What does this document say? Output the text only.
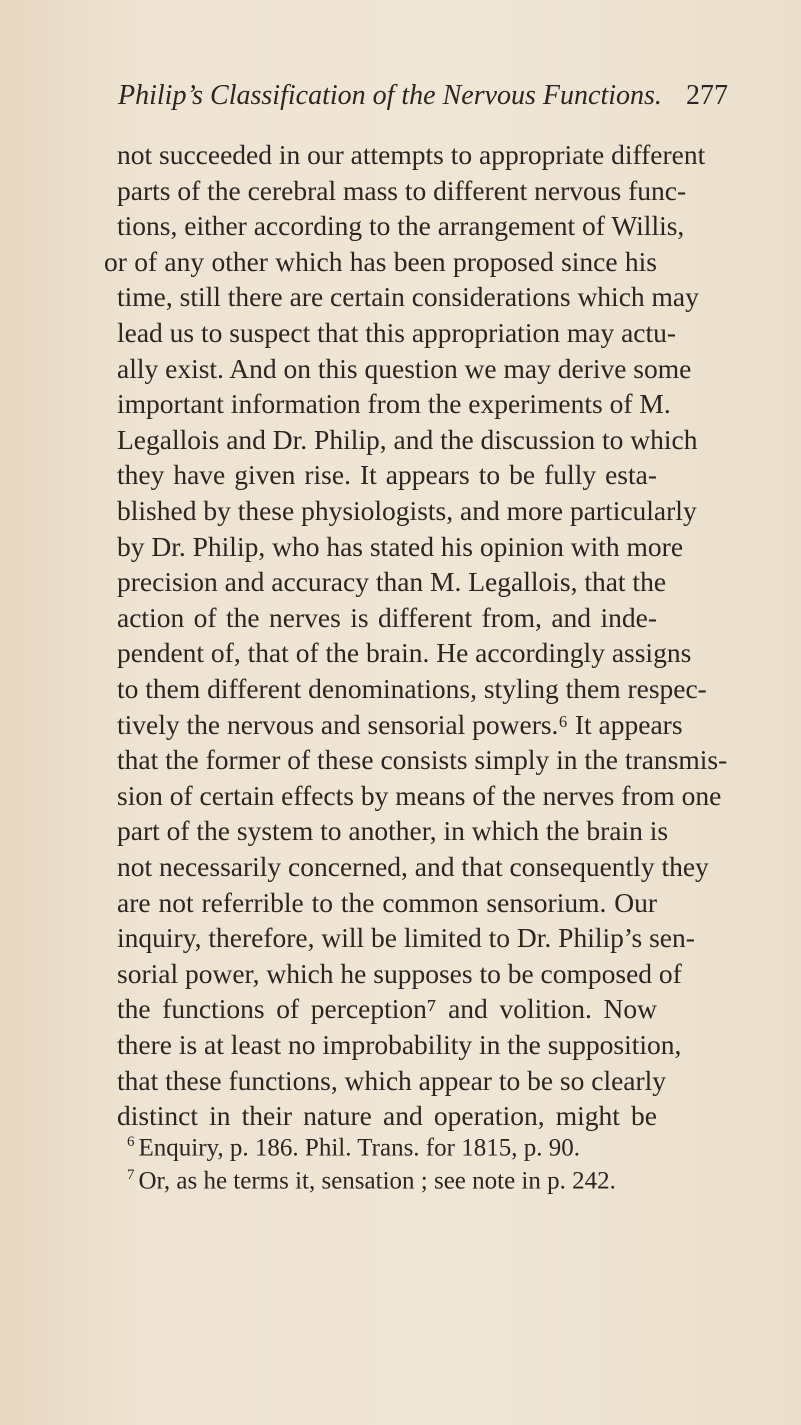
Philip’s Classification of the Nervous Functions. 277
not succeeded in our attempts to appropriate different
parts of the cerebral mass to different nervous func-
tions, either according to the arrangement of Willis,
or of any other which has been proposed since his
time, still there are certain considerations which may
lead us to suspect that this appropriation may actu-
ally exist. And on this question we may derive some
important information from the experiments of M.
Legallois and Dr. Philip, and the discussion to which
they have given rise. It appears to be fully esta-
blished by these physiologists, and more particularly
by Dr. Philip, who has stated his opinion with more
precision and accuracy than M. Legallois, that the
action of the nerves is different from, and inde-
pendent of, that of the brain. He accordingly assigns
to them different denominations, styling them respec-
tively the nervous and sensorial powers.⁶ It appears
that the former of these consists simply in the transmis-
sion of certain effects by means of the nerves from one
part of the system to another, in which the brain is
not necessarily concerned, and that consequently they
are not referrible to the common sensorium. Our
inquiry, therefore, will be limited to Dr. Philip’s sen-
sorial power, which he supposes to be composed of
the functions of perception⁷ and volition. Now
there is at least no improbability in the supposition,
that these functions, which appear to be so clearly
distinct in their nature and operation, might be
$^6$ Enquiry, p. 186. Phil. Trans. for 1815, p. 90.
$^7$ Or, as he terms it, sensation ; see note in p. 242.
